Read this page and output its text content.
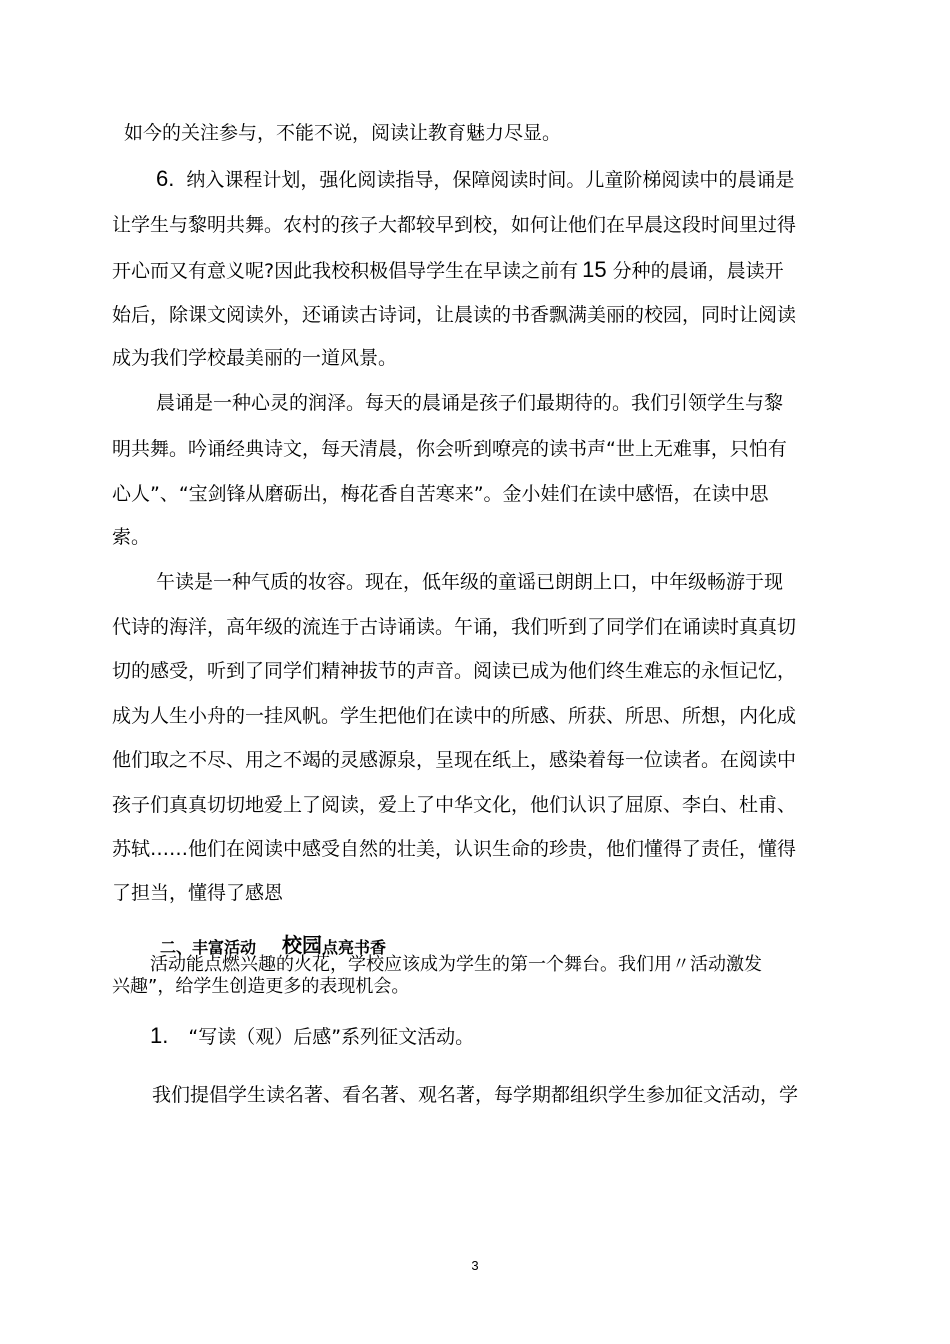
如今的关注参与，不能不说，阅读让教育魅力尽显。
6. 纳入课程计划，强化阅读指导，保障阅读时间。儿童阶梯阅读中的晨诵是
让学生与黎明共舞。农村的孩子大都较早到校，如何让他们在早晨这段时间里过得
开心而又有意义呢?因此我校积极倡导学生在早读之前有 15 分种的晨诵，晨读开
始后，除课文阅读外，还诵读古诗词，让晨读的书香飘满美丽的校园，同时让阅读
成为我们学校最美丽的一道风景。
晨诵是一种心灵的润泽。每天的晨诵是孩子们最期待的。我们引领学生与黎
明共舞。吟诵经典诗文，每天清晨，你会听到嘹亮的读书声“世上无难事，只怕有
心人”、“宝剑锋从磨砺出，梅花香自苦寒来”。金小娃们在读中感悟，在读中思
索。
午读是一种气质的妆容。现在，低年级的童谣已朗朗上口，中年级畅游于现
代诗的海洋，高年级的流连于古诗诵读。午诵，我们听到了同学们在诵读时真真切
切的感受，听到了同学们精神拔节的声音。阅读已成为他们终生难忘的永恒记忆，
成为人生小舟的一挂风帆。学生把他们在读中的所感、所获、所思、所想，内化成
他们取之不尽、用之不竭的灵感源泉，呈现在纸上，感染着每一位读者。在阅读中
孩子们真真切切地爱上了阅读，爱上了中华文化，他们认识了屈原、李白、杜甫、
苏轼……他们在阅读中感受自然的壮美，认识生命的珍贵，他们懂得了责任，懂得
了担当，懂得了感恩
二、丰富活动 校园点亮书香
活动能点燃兴趣的火花，学校应该成为学生的第一个舞台。我们用〃活动激发
兴趣”，给学生创造更多的表现机会。
1. “写读（观）后感”系列征文活动。
我们提倡学生读名著、看名著、观名著，每学期都组织学生参加征文活动，学
3
